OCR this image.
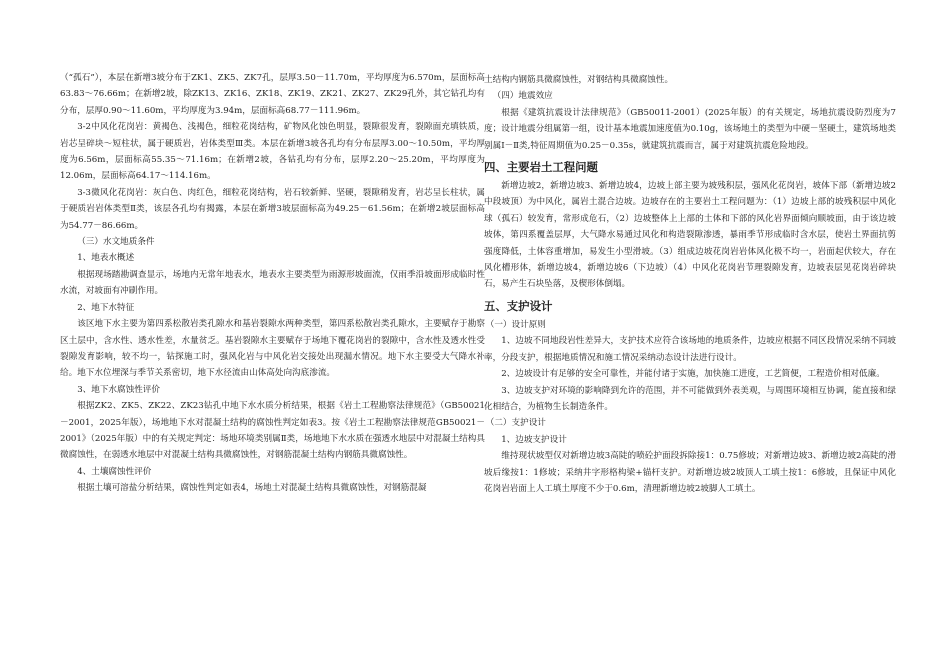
（“孤石”），本层在新增3坡分布于ZK1、ZK5、ZK7孔，层厚3.50－11.70m，平均厚度为6.570m，层面标高63.83～76.66m；在新增2坡，除ZK13、ZK16、ZK18、ZK19、ZK21、ZK27、ZK29孔外，其它钻孔均有分布，层厚0.90～11.60m，平均厚度为3.94m，层面标高68.77－111.96m。

3-2中风化花岗岩：黄褐色、浅褐色，细粒花岗结构，矿物风化蚀色明显，裂隙很发育，裂隙面充填铁质，岩芯呈碎块～短柱状，属于硬质岩，岩体类型Ⅲ类。本层在新增3坡各孔均有分布层厚3.00～10.50m，平均厚度为6.56m，层面标高55.35～71.16m；在新增2坡，各钻孔均有分布，层厚2.20～25.20m，平均厚度为12.06m，层面标高64.17～114.16m。

3-3微风化花岗岩：灰白色、肉红色，细粒花岗结构，岩石较新鲜、坚硬，裂隙稍发育，岩芯呈长柱状，属于硬质岩岩体类型Ⅱ类，该层各孔均有揭露，本层在新增3坡层面标高为49.25－61.56m；在新增2坡层面标高为54.77－86.66m。

（三）水文地质条件

1、地表水概述

根据现场踏勘调查显示，场地内无常年地表水，地表水主要类型为雨源形坡面流，仅雨季沿坡面形成临时性水流，对坡面有冲刷作用。

2、地下水特征

该区地下水主要为第四系松散岩类孔隙水和基岩裂隙水两种类型，第四系松散岩类孔隙水，主要赋存于勘察区土层中，含水性、透水性差，水量贫乏。基岩裂隙水主要赋存于场地下覆花岗岩的裂隙中，含水性及透水性受裂隙发育影响，较不均一，钻探施工时，强风化岩与中风化岩交接处出现漏水情况。地下水主要受大气降水补给。地下水位埋深与季节关系密切，地下水径流由山体高处向沟底渗流。

3、地下水腐蚀性评价

根据ZK2、ZK5、ZK22、ZK23钻孔中地下水水质分析结果，根据《岩土工程勘察法律规范》（GB50021－2001，2025年版），场地地下水对混凝土结构的腐蚀性判定如表3。按《岩土工程勘察法律规范GB50021－2001》（2025年版）中的有关规定判定：场地环境类别属Ⅱ类，场地地下水水质在强透水地层中对混凝土结构具微腐蚀性，在弱透水地层中对混凝土结构具微腐蚀性，对钢筋混凝土结构内钢筋具微腐蚀性。

4、土壤腐蚀性评价

根据土壤可溶盐分析结果，腐蚀性判定如表4，场地土对混凝土结构具微腐蚀性，对钢筋混凝

土结构内钢筋具微腐蚀性，对钢结构具微腐蚀性。

（四）地震效应

根据《建筑抗震设计法律规范》（GB50011-2001）(2025年版）的有关规定，场地抗震设防烈度为7度；设计地震分组属第一组，设计基本地震加速度值为0.10g，该场地土的类型为中硬－坚硬土，建筑场地类别属Ⅰ－Ⅱ类,特征周期值为0.25－0.35s，就建筑抗震而言，属于对建筑抗震危险地段。

四、主要岩土工程问题

新增边坡2，新增边坡3、新增边坡4，边坡上部主要为坡残积层，强风化花岗岩，坡体下部（新增边坡2中段坡顶）为中风化，属岩土混合边坡。边坡存在的主要岩土工程问题为：（1）边坡上部的坡残积层中风化球（孤石）较发育，常形成危石，（2）边坡整体上上部的土体和下部的风化岩界面倾向顺坡面，由于该边坡坡体，第四系覆盖层厚，大气降水易通过风化和构造裂隙渗透，暴雨季节形成临时含水层，使岩土界面抗剪强度降低，土体容重增加，易发生小型滑坡。（3）组成边坡花岗岩岩体风化极不均一，岩面起伏较大，存在风化槽形体，新增边坡4，新增边坡6（下边坡）（4）中风化花岗岩节理裂隙发育，边坡表层见花岗岩碎块石，易产生石块坠落，及楔形体倒塌。

五、支护设计

（一）设计原则

1、边坡不同地段岩性差异大，支护技术应符合该场地的地质条件，边坡应根据不同区段情况采纳不同坡率，分段支护，根据地质情况和施工情况采纳动态设计法进行设计。

2、边坡设计有足够的安全可靠性，并能付诸于实施，加快施工进度，工艺简便，工程造价相对低廉。

3、边坡支护对环境的影响降到允许的范围，并不可能做到外表美观，与周围环境相互协调，能直接和绿化相结合，为植物生长制造条件。

（二）支护设计

1、边坡支护设计

维持现状坡型仅对新增边坡3高陡的喷砼护面段拆除接1：0.75修坡；对新增边坡3、新增边坡2高陡的滑坡后缘按1：1修坡；采纳井字形格构梁+锚杆支护。对新增边坡2坡顶人工填土按1：6修坡，且保证中风化花岗岩岩面上人工填土厚度不少于0.6m，清理新增边坡2坡脚人工填土。
